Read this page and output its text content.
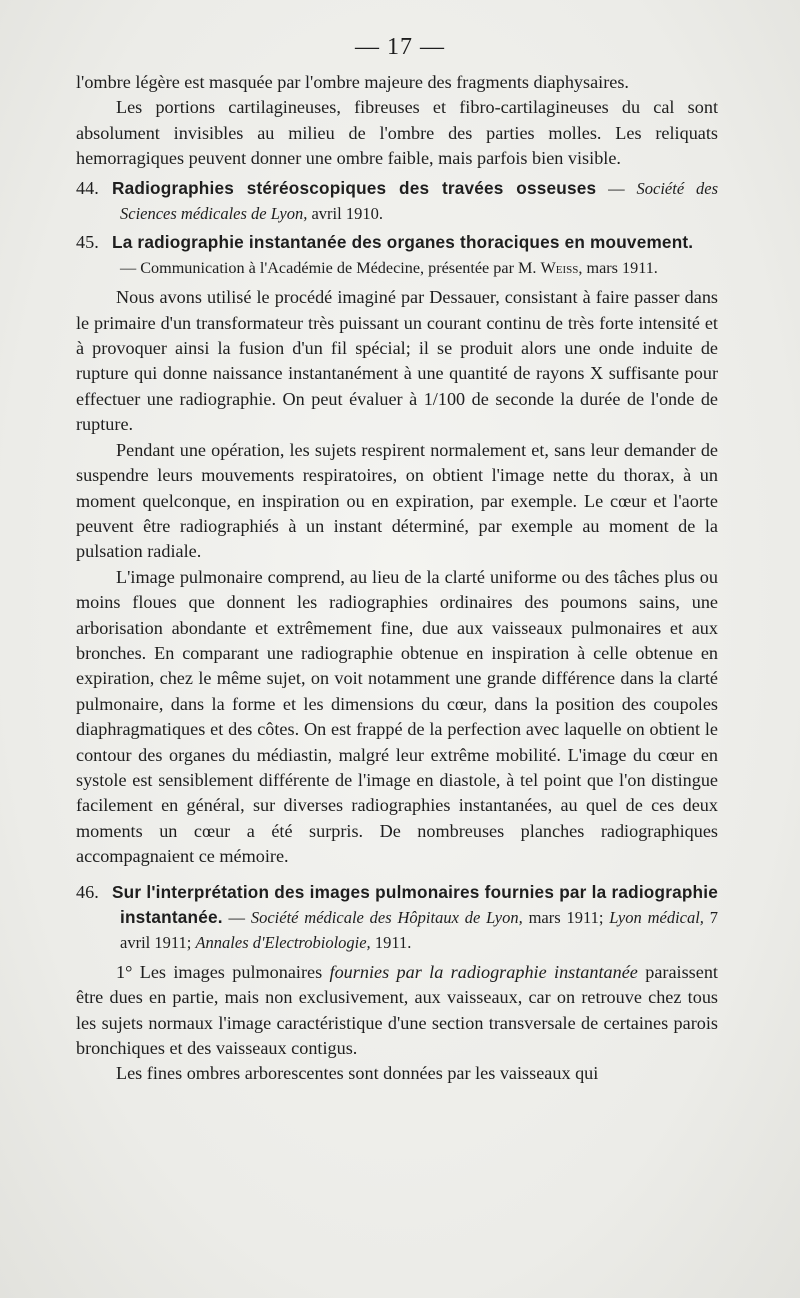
— 17 —

l'ombre légère est masquée par l'ombre majeure des fragments diaphysaires.

Les portions cartilagineuses, fibreuses et fibro-cartilagineuses du cal sont absolument invisibles au milieu de l'ombre des parties molles. Les reliquats hemorragiques peuvent donner une ombre faible, mais parfois bien visible.

44. Radiographies stéréoscopiques des travées osseuses — Société des Sciences médicales de Lyon, avril 1910.

45. La radiographie instantanée des organes thoraciques en mouvement.

— Communication à l'Académie de Médecine, présentée par M. Weiss, mars 1911.

Nous avons utilisé le procédé imaginé par Dessauer, consistant à faire passer dans le primaire d'un transformateur très puissant un courant continu de très forte intensité et à provoquer ainsi la fusion d'un fil spécial; il se produit alors une onde induite de rupture qui donne naissance instantanément à une quantité de rayons X suffisante pour effectuer une radiographie. On peut évaluer à 1/100 de seconde la durée de l'onde de rupture.

Pendant une opération, les sujets respirent normalement et, sans leur demander de suspendre leurs mouvements respiratoires, on obtient l'image nette du thorax, à un moment quelconque, en inspiration ou en expiration, par exemple. Le cœur et l'aorte peuvent être radiographiés à un instant déterminé, par exemple au moment de la pulsation radiale.

L'image pulmonaire comprend, au lieu de la clarté uniforme ou des tâches plus ou moins floues que donnent les radiographies ordinaires des poumons sains, une arborisation abondante et extrêmement fine, due aux vaisseaux pulmonaires et aux bronches. En comparant une radiographie obtenue en inspiration à celle obtenue en expiration, chez le même sujet, on voit notamment une grande différence dans la clarté pulmonaire, dans la forme et les dimensions du cœur, dans la position des coupoles diaphragmatiques et des côtes. On est frappé de la perfection avec laquelle on obtient le contour des organes du médiastin, malgré leur extrême mobilité. L'image du cœur en systole est sensiblement différente de l'image en diastole, à tel point que l'on distingue facilement en général, sur diverses radiographies instantanées, au quel de ces deux moments un cœur a été surpris. De nombreuses planches radiographiques accompagnaient ce mémoire.

46. Sur l'interprétation des images pulmonaires fournies par la radiographie instantanée. — Société médicale des Hôpitaux de Lyon, mars 1911; Lyon médical, 7 avril 1911; Annales d'Electrobiologie, 1911.

1° Les images pulmonaires fournies par la radiographie instantanée paraissent être dues en partie, mais non exclusivement, aux vaisseaux, car on retrouve chez tous les sujets normaux l'image caractéristique d'une section transversale de certaines parois bronchiques et des vaisseaux contigus.

Les fines ombres arborescentes sont données par les vaisseaux qui
